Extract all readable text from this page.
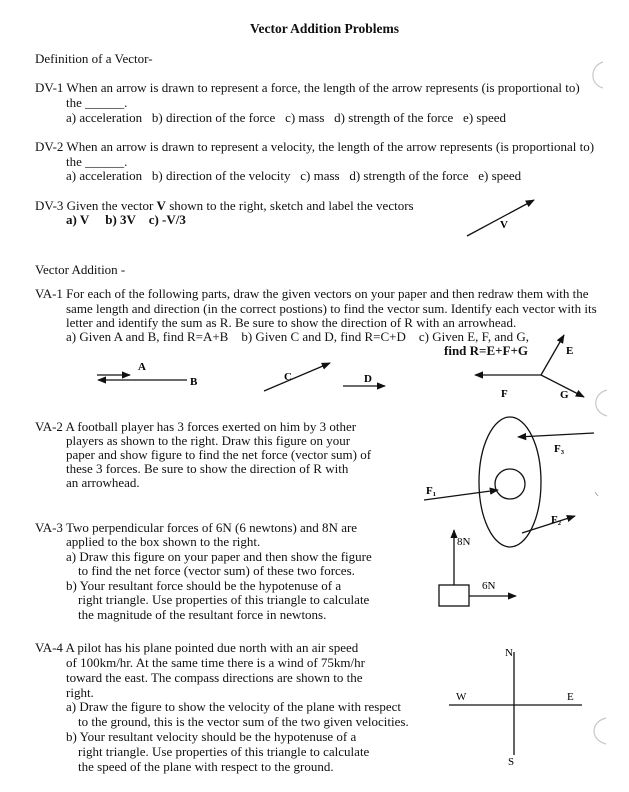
Vector Addition Problems
Definition of a Vector-
DV-1 When an arrow is drawn to represent a force, the length of the arrow represents (is proportional to)
the ______.
a) acceleration   b) direction of the force   c) mass   d) strength of the force   e) speed
DV-2 When an arrow is drawn to represent a velocity, the length of the arrow represents (is proportional to)
the ______.
a) acceleration   b) direction of the velocity   c) mass   d) strength of the force   e) speed
DV-3 Given the vector V shown to the right, sketch and label the vectors
a) V     b) 3V    c) -V/3
Vector Addition -
VA-1 For each of the following parts, draw the given vectors on your paper and then redraw them with the
same length and direction (in the correct postions) to find the vector sum. Identify each vector with its
letter and identify the sum as R. Be sure to show the direction of R with an arrowhead.
a) Given A and B, find R=A+B    b) Given C and D, find R=C+D    c) Given E, F, and G,
find R=E+F+G
VA-2 A football player has 3 forces exerted on him by 3 other
players as shown to the right. Draw this figure on your
paper and show figure to find the net force (vector sum) of
these 3 forces. Be sure to show the direction of R with
an arrowhead.
VA-3 Two perpendicular forces of 6N (6 newtons) and 8N are
applied to the box shown to the right.
a) Draw this figure on your paper and then show the figure
to find the net force (vector sum) of these two forces.
b) Your resultant force should be the hypotenuse of a
right triangle. Use properties of this triangle to calculate
the magnitude of the resultant force in newtons.
VA-4 A pilot has his plane pointed due north with an air speed
of 100km/hr. At the same time there is a wind of 75km/hr
toward the east. The compass directions are shown to the
right.
a) Draw the figure to show the velocity of the plane with respect
to the ground, this is the vector sum of the two given velocities.
b) Your resultant velocity should be the hypotenuse of a
right triangle. Use properties of this triangle to calculate
the speed of the plane with respect to the ground.
V
A
B	C	D
F
E
G
F₃
F₁
F₂
8N
6N
N
S
W	E
